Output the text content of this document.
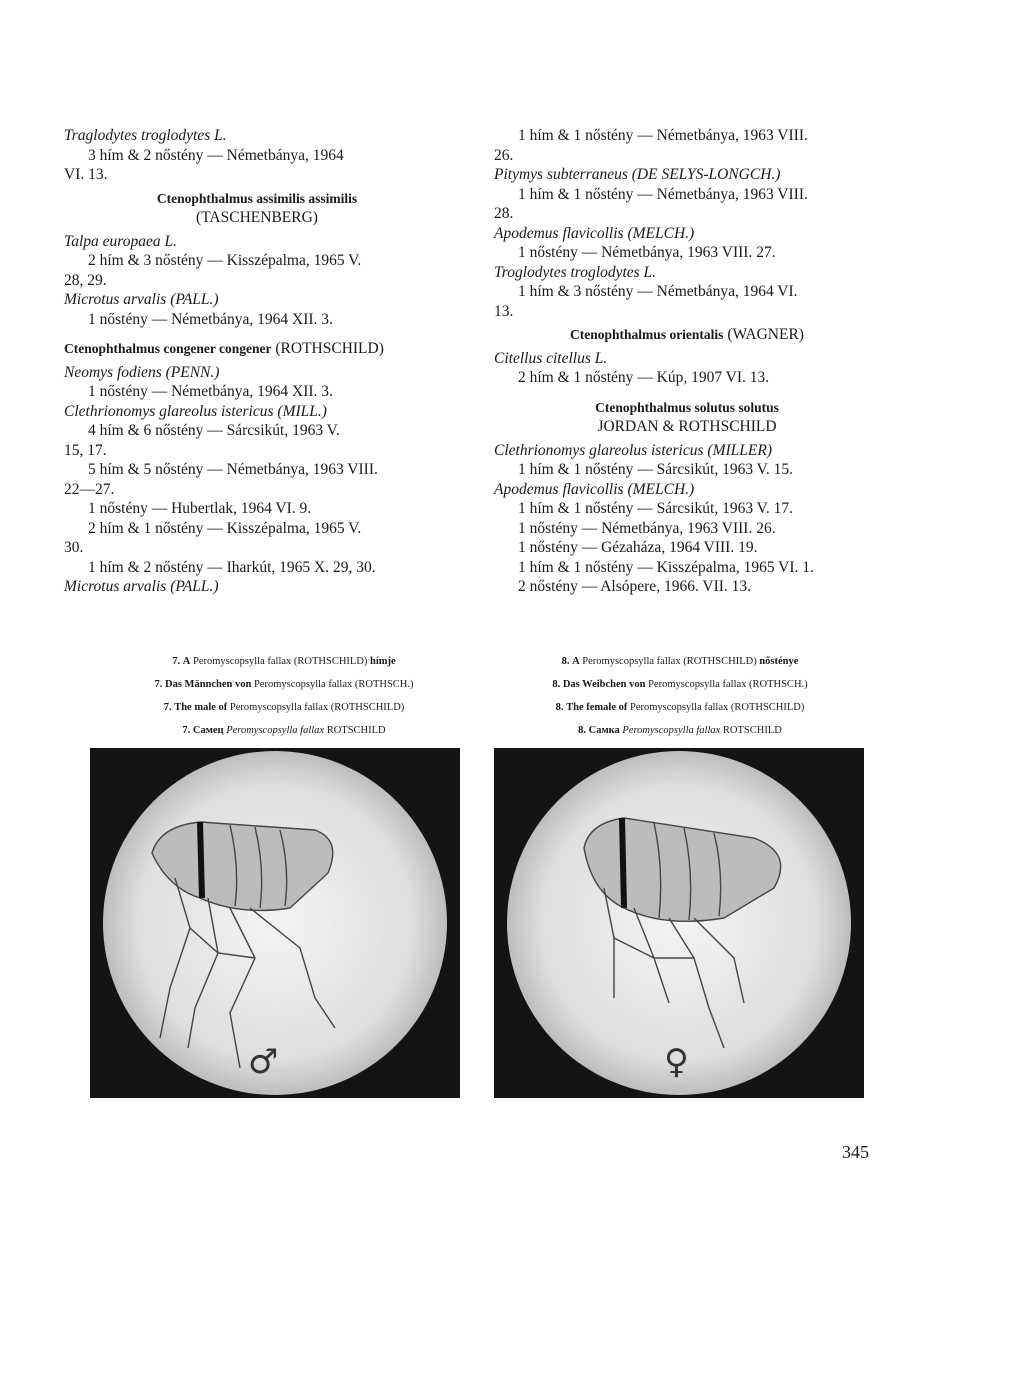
Traglodytes troglodytes L.
3 hím & 2 nőstény — Németbánya, 1964
VI. 13.
Ctenophthalmus assimilis assimilis
(TASCHENBERG)
Talpa europaea L.
2 hím & 3 nőstény — Kisszépalma, 1965 V.
28, 29.
Microtus arvalis (PALL.)
1 nőstény — Németbánya, 1964 XII. 3.
Ctenophthalmus congener congener (ROTHSCHILD)
Neomys fodiens (PENN.)
1 nőstény — Németbánya, 1964 XII. 3.
Clethrionomys glareolus istericus (MILL.)
4 hím & 6 nőstény — Sárcsikút, 1963 V.
15, 17.
5 hím & 5 nőstény — Németbánya, 1963 VIII.
22—27.
1 nőstény — Hubertlak, 1964 VI. 9.
2 hím & 1 nőstény — Kisszépalma, 1965 V.
30.
1 hím & 2 nőstény — Iharkút, 1965 X. 29, 30.
Microtus arvalis (PALL.)
1 hím & 1 nőstény — Németbánya, 1963 VIII.
26.
Pitymys subterraneus (DE SELYS-LONGCH.)
1 hím & 1 nőstény — Németbánya, 1963 VIII.
28.
Apodemus flavicollis (MELCH.)
1 nőstény — Németbánya, 1963 VIII. 27.
Troglodytes troglodytes L.
1 hím & 3 nőstény — Németbánya, 1964 VI.
13.
Ctenophthalmus orientalis (WAGNER)
Citellus citellus L.
2 hím & 1 nőstény — Kúp, 1907 VI. 13.
Ctenophthalmus solutus solutus
JORDAN & ROTHSCHILD
Clethrionomys glareolus istericus (MILLER)
1 hím & 1 nőstény — Sárcsikút, 1963 V. 15.
Apodemus flavicollis (MELCH.)
1 hím & 1 nőstény — Sárcsikút, 1963 V. 17.
1 nőstény — Németbánya, 1963 VIII. 26.
1 nőstény — Gézaháza, 1964 VIII. 19.
1 hím & 1 nőstény — Kisszépalma, 1965 VI. 1.
2 nőstény — Alsópere, 1966. VII. 13.
7. A Peromyscopsylla fallax (ROTHSCHILD) hímje
7. Das Männchen von Peromyscopsylla fallax (ROTHSCH.)
7. The male of Peromyscopsylla fallax (ROTHSCHILD)
7. Самец Peromyscopsylla fallax ROTSCHILD
8. A Peromyscopsylla fallax (ROTHSCHILD) nősténye
8. Das Weibchen von Peromyscopsylla fallax (ROTHSCH.)
8. The female of Peromyscopsylla fallax (ROTHSCHILD)
8. Самка Peromyscopsylla fallax ROTSCHILD
♂	♀
345
